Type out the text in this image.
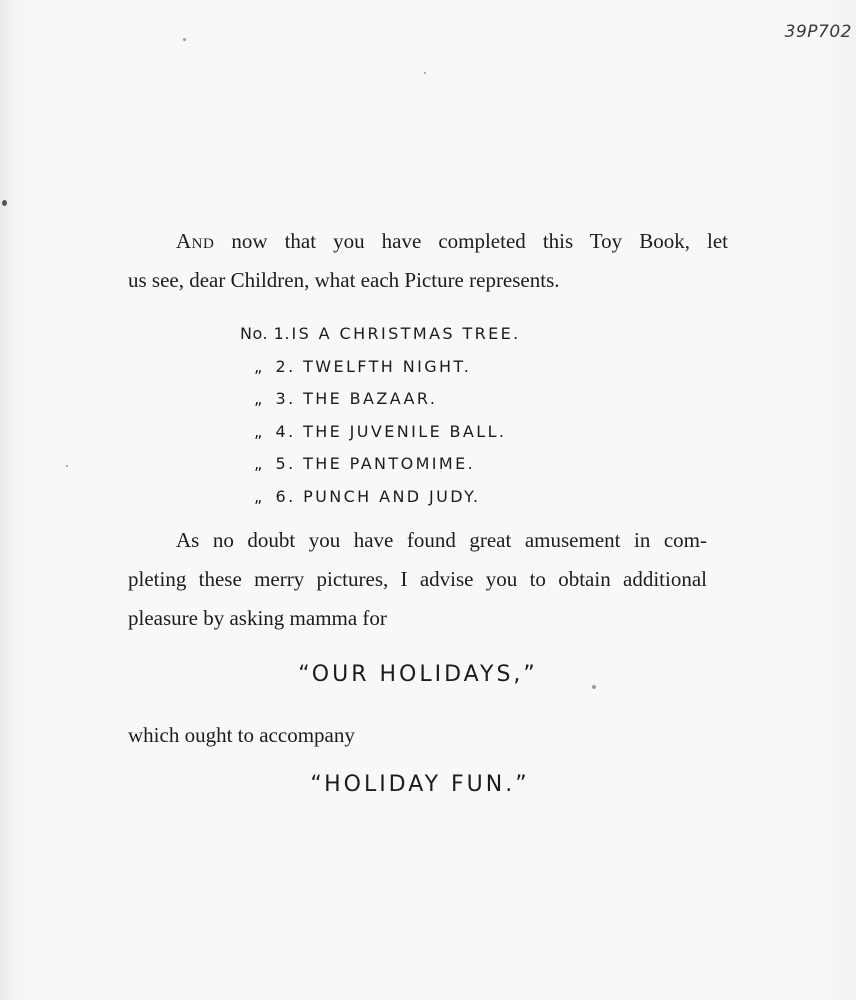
39P702

And now that you have completed this Toy Book, let
us see, dear Children, what each Picture represents.

No. 1. IS A CHRISTMAS TREE.
„ 2. TWELFTH NIGHT.
„ 3. THE BAZAAR.
„ 4. THE JUVENILE BALL.
„ 5. THE PANTOMIME.
„ 6. PUNCH AND JUDY.

As no doubt you have found great amusement in com-
pleting these merry pictures, I advise you to obtain additional
pleasure by asking mamma for

“OUR HOLIDAYS,”

which ought to accompany

“HOLIDAY FUN.”
